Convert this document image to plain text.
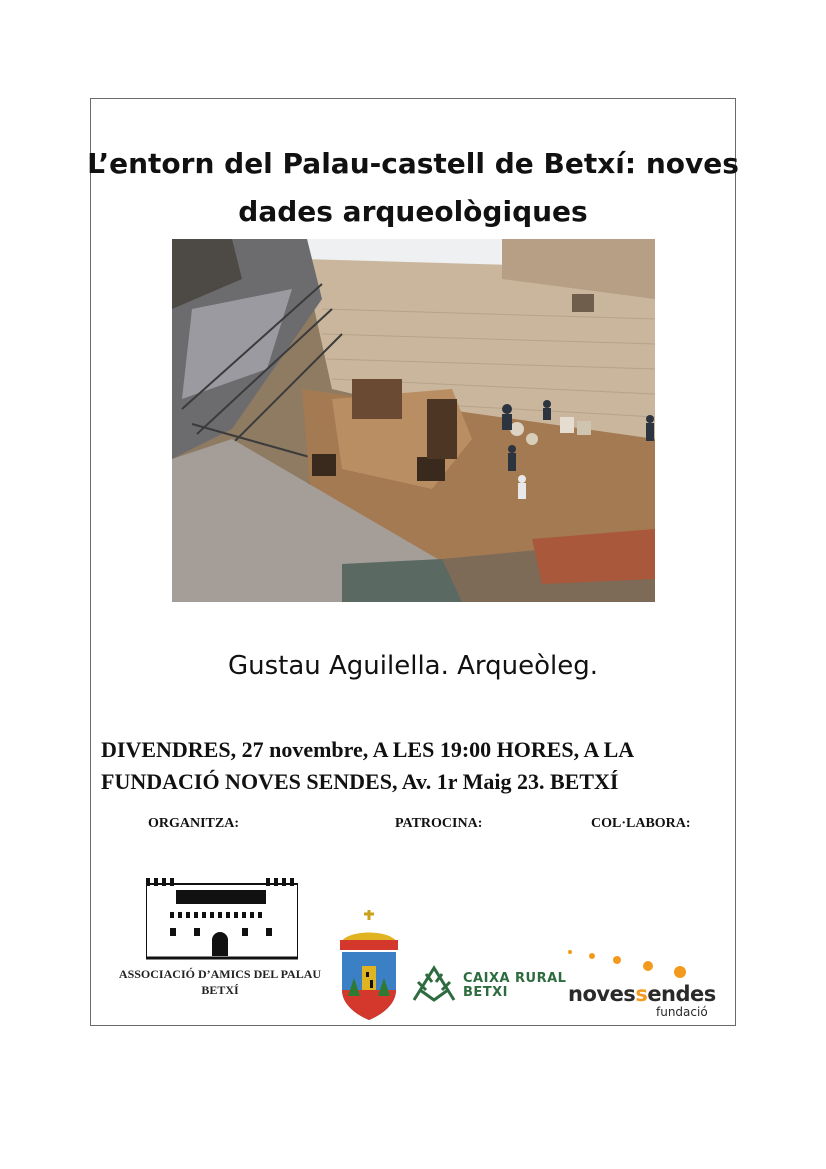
L’entorn del Palau-castell de Betxí: noves
dades arqueològiques
Gustau Aguilella. Arqueòleg.
DIVENDRES, 27 novembre, A LES 19:00 HORES, A LA
FUNDACIÓ NOVES SENDES, Av. 1r Maig 23. BETXÍ
ORGANITZA:	PATROCINA:	COL·LABORA:
ASSOCIACIÓ D’AMICS DEL PALAU
BETXÍ
CAIXA RURAL
BETXI	novessendes
fundació
